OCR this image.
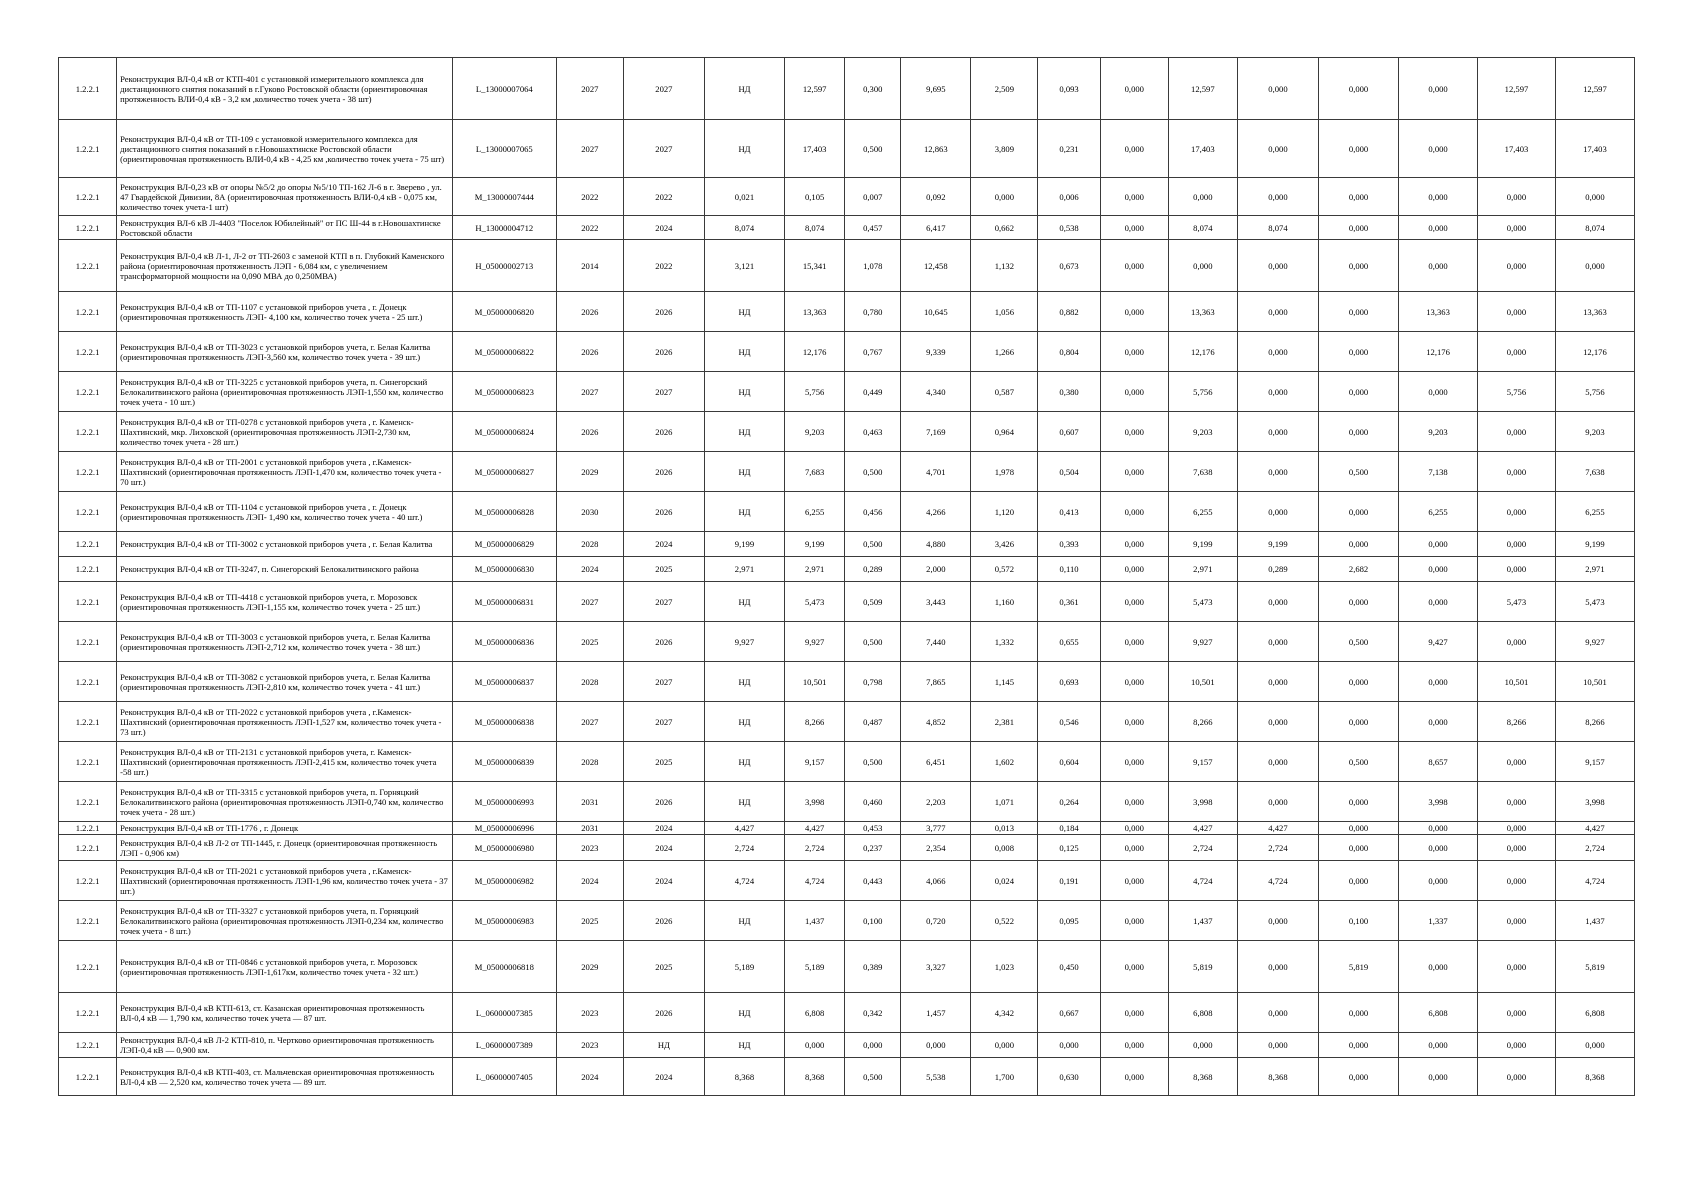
1.2.2.1	Реконструкция ВЛ-0,4 кВ от КТП-401 с установкой измерительного комплекса для дистанционного снятия показаний в г.Гуково Ростовской области (ориентировочная протяженность ВЛИ-0,4 кВ - 3,2 км ,количество точек учета - 38 шт)	L_13000007064	2027	2027	НД	12,597	0,300	9,695	2,509	0,093	0,000	12,597	0,000	0,000	0,000	12,597	12,597
1.2.2.1	Реконструкция ВЛ-0,4 кВ от ТП-109 с установкой измерительного комплекса для дистанционного снятия показаний в г.Новошахтинске Ростовской области (ориентировочная протяженность ВЛИ-0,4 кВ - 4,25 км ,количество точек учета - 75 шт)	L_13000007065	2027	2027	НД	17,403	0,500	12,863	3,809	0,231	0,000	17,403	0,000	0,000	0,000	17,403	17,403
1.2.2.1	Реконструкция ВЛ-0,23 кВ от опоры №5/2 до опоры №5/10 ТП-162 Л-6 в г. Зверево , ул. 47 Гвардейской Дивизии, 8А (ориентировочная протяженность ВЛИ-0,4 кВ - 0,075 км, количество точек учета-1 шт)	M_13000007444	2022	2022	0,021	0,105	0,007	0,092	0,000	0,006	0,000	0,000	0,000	0,000	0,000	0,000	0,000
1.2.2.1	Реконструкция ВЛ-6 кВ Л-4403 "Поселок Юбилейный" от ПС Ш-44 в г.Новошахтинске Ростовской области	H_13000004712	2022	2024	8,074	8,074	0,457	6,417	0,662	0,538	0,000	8,074	8,074	0,000	0,000	0,000	8,074
1.2.2.1	Реконструкция ВЛ-0,4 кВ Л-1, Л-2 от ТП-2603 с заменой КТП в п. Глубокий Каменского района (ориентировочная протяженность ЛЭП - 6,084 км, с увеличением трансформаторной мощности на 0,090 МВА до 0,250МВА)	H_05000002713	2014	2022	3,121	15,341	1,078	12,458	1,132	0,673	0,000	0,000	0,000	0,000	0,000	0,000	0,000
1.2.2.1	Реконструкция ВЛ-0,4 кВ от ТП-1107 с установкой приборов учета , г. Донецк (ориентировочная протяженность ЛЭП- 4,100 км, количество точек учета - 25 шт.)	M_05000006820	2026	2026	НД	13,363	0,780	10,645	1,056	0,882	0,000	13,363	0,000	0,000	13,363	0,000	13,363
1.2.2.1	Реконструкция ВЛ-0,4 кВ от ТП-3023 с установкой приборов учета, г. Белая Калитва (ориентировочная протяженность ЛЭП-3,560 км, количество точек учета - 39 шт.)	M_05000006822	2026	2026	НД	12,176	0,767	9,339	1,266	0,804	0,000	12,176	0,000	0,000	12,176	0,000	12,176
1.2.2.1	Реконструкция ВЛ-0,4 кВ от ТП-3225 с установкой приборов учета, п. Синегорский Белокалитвинского района (ориентировочная протяженность ЛЭП-1,550 км, количество точек учета - 10 шт.)	M_05000006823	2027	2027	НД	5,756	0,449	4,340	0,587	0,380	0,000	5,756	0,000	0,000	0,000	5,756	5,756
1.2.2.1	Реконструкция ВЛ-0,4 кВ от ТП-0278 с установкой приборов учета , г. Каменск-Шахтинский, мкр. Лиховской (ориентировочная протяженность ЛЭП-2,730 км, количество точек учета - 28 шт.)	M_05000006824	2026	2026	НД	9,203	0,463	7,169	0,964	0,607	0,000	9,203	0,000	0,000	9,203	0,000	9,203
1.2.2.1	Реконструкция ВЛ-0,4 кВ от ТП-2001 с установкой приборов учета , г.Каменск-Шахтинский (ориентировочная протяженность ЛЭП-1,470 км, количество точек учета - 70 шт.)	M_05000006827	2029	2026	НД	7,683	0,500	4,701	1,978	0,504	0,000	7,638	0,000	0,500	7,138	0,000	7,638
1.2.2.1	Реконструкция ВЛ-0,4 кВ от ТП-1104 с установкой приборов учета , г. Донецк (ориентировочная протяженность ЛЭП- 1,490 км, количество точек учета - 40 шт.)	M_05000006828	2030	2026	НД	6,255	0,456	4,266	1,120	0,413	0,000	6,255	0,000	0,000	6,255	0,000	6,255
1.2.2.1	Реконструкция ВЛ-0,4 кВ от ТП-3002 с установкой приборов учета , г. Белая Калитва	M_05000006829	2028	2024	9,199	9,199	0,500	4,880	3,426	0,393	0,000	9,199	9,199	0,000	0,000	0,000	9,199
1.2.2.1	Реконструкция ВЛ-0,4 кВ от ТП-3247, п. Синегорский Белокалитвинского района	M_05000006830	2024	2025	2,971	2,971	0,289	2,000	0,572	0,110	0,000	2,971	0,289	2,682	0,000	0,000	2,971
1.2.2.1	Реконструкция ВЛ-0,4 кВ от ТП-4418 с установкой приборов учета, г. Морозовск (ориентировочная протяженность ЛЭП-1,155 км, количество точек учета - 25 шт.)	M_05000006831	2027	2027	НД	5,473	0,509	3,443	1,160	0,361	0,000	5,473	0,000	0,000	0,000	5,473	5,473
1.2.2.1	Реконструкция ВЛ-0,4 кВ от ТП-3003 с установкой приборов учета, г. Белая Калитва (ориентировочная протяженность ЛЭП-2,712 км, количество точек учета - 38 шт.)	M_05000006836	2025	2026	9,927	9,927	0,500	7,440	1,332	0,655	0,000	9,927	0,000	0,500	9,427	0,000	9,927
1.2.2.1	Реконструкция ВЛ-0,4 кВ от ТП-3082 с установкой приборов учета, г. Белая Калитва (ориентировочная протяженность ЛЭП-2,810 км, количество точек учета - 41 шт.)	M_05000006837	2028	2027	НД	10,501	0,798	7,865	1,145	0,693	0,000	10,501	0,000	0,000	0,000	10,501	10,501
1.2.2.1	Реконструкция ВЛ-0,4 кВ от ТП-2022 с установкой приборов учета , г.Каменск-Шахтинский (ориентировочная протяженность ЛЭП-1,527 км, количество точек учета - 73 шт.)	M_05000006838	2027	2027	НД	8,266	0,487	4,852	2,381	0,546	0,000	8,266	0,000	0,000	0,000	8,266	8,266
1.2.2.1	Реконструкция ВЛ-0,4 кВ от ТП-2131 с установкой приборов учета, г. Каменск-Шахтинский (ориентировочная протяженность ЛЭП-2,415 км, количество точек учета -58 шт.)	M_05000006839	2028	2025	НД	9,157	0,500	6,451	1,602	0,604	0,000	9,157	0,000	0,500	8,657	0,000	9,157
1.2.2.1	Реконструкция ВЛ-0,4 кВ от ТП-3315 с установкой приборов учета, п. Горняцкий Белокалитвинского района (ориентировочная протяженность ЛЭП-0,740 км, количество точек учета - 28 шт.)	M_05000006993	2031	2026	НД	3,998	0,460	2,203	1,071	0,264	0,000	3,998	0,000	0,000	3,998	0,000	3,998
1.2.2.1	Реконструкция ВЛ-0,4 кВ от ТП-1776 , г. Донецк	M_05000006996	2031	2024	4,427	4,427	0,453	3,777	0,013	0,184	0,000	4,427	4,427	0,000	0,000	0,000	4,427
1.2.2.1	Реконструкция ВЛ-0,4 кВ Л-2 от ТП-1445, г. Донецк (ориентировочная протяженность ЛЭП - 0,906 км)	M_05000006980	2023	2024	2,724	2,724	0,237	2,354	0,008	0,125	0,000	2,724	2,724	0,000	0,000	0,000	2,724
1.2.2.1	Реконструкция ВЛ-0,4 кВ от ТП-2021 с установкой приборов учета , г.Каменск-Шахтинский (ориентировочная протяженность ЛЭП-1,96 км, количество точек учета - 37 шт.)	M_05000006982	2024	2024	4,724	4,724	0,443	4,066	0,024	0,191	0,000	4,724	4,724	0,000	0,000	0,000	4,724
1.2.2.1	Реконструкция ВЛ-0,4 кВ от ТП-3327 с установкой приборов учета, п. Горняцкий Белокалитвинского района (ориентировочная протяженность ЛЭП-0,234 км, количество точек учета - 8 шт.)	M_05000006983	2025	2026	НД	1,437	0,100	0,720	0,522	0,095	0,000	1,437	0,000	0,100	1,337	0,000	1,437
1.2.2.1	Реконструкция ВЛ-0,4 кВ от ТП-0846 с установкой приборов учета, г. Морозовск (ориентировочная протяженность ЛЭП-1,617км, количество точек учета - 32 шт.)	M_05000006818	2029	2025	5,189	5,189	0,389	3,327	1,023	0,450	0,000	5,819	0,000	5,819	0,000	0,000	5,819
1.2.2.1	Реконструкция ВЛ-0,4 кВ КТП-613, ст. Казанская ориентировочная протяженность ВЛ-0,4 кВ — 1,790 км, количество точек учета — 87 шт.	L_06000007385	2023	2026	НД	6,808	0,342	1,457	4,342	0,667	0,000	6,808	0,000	0,000	6,808	0,000	6,808
1.2.2.1	Реконструкция ВЛ-0,4 кВ Л-2 КТП-810, п. Чертково ориентировочная протяженность ЛЭП-0,4 кВ — 0,900 км.	L_06000007389	2023	НД	НД	0,000	0,000	0,000	0,000	0,000	0,000	0,000	0,000	0,000	0,000	0,000	0,000
1.2.2.1	Реконструкция ВЛ-0,4 кВ КТП-403, ст. Мальчевская ориентировочная протяженность ВЛ-0,4 кВ — 2,520 км, количество точек учета — 89 шт.	L_06000007405	2024	2024	8,368	8,368	0,500	5,538	1,700	0,630	0,000	8,368	8,368	0,000	0,000	0,000	8,368
